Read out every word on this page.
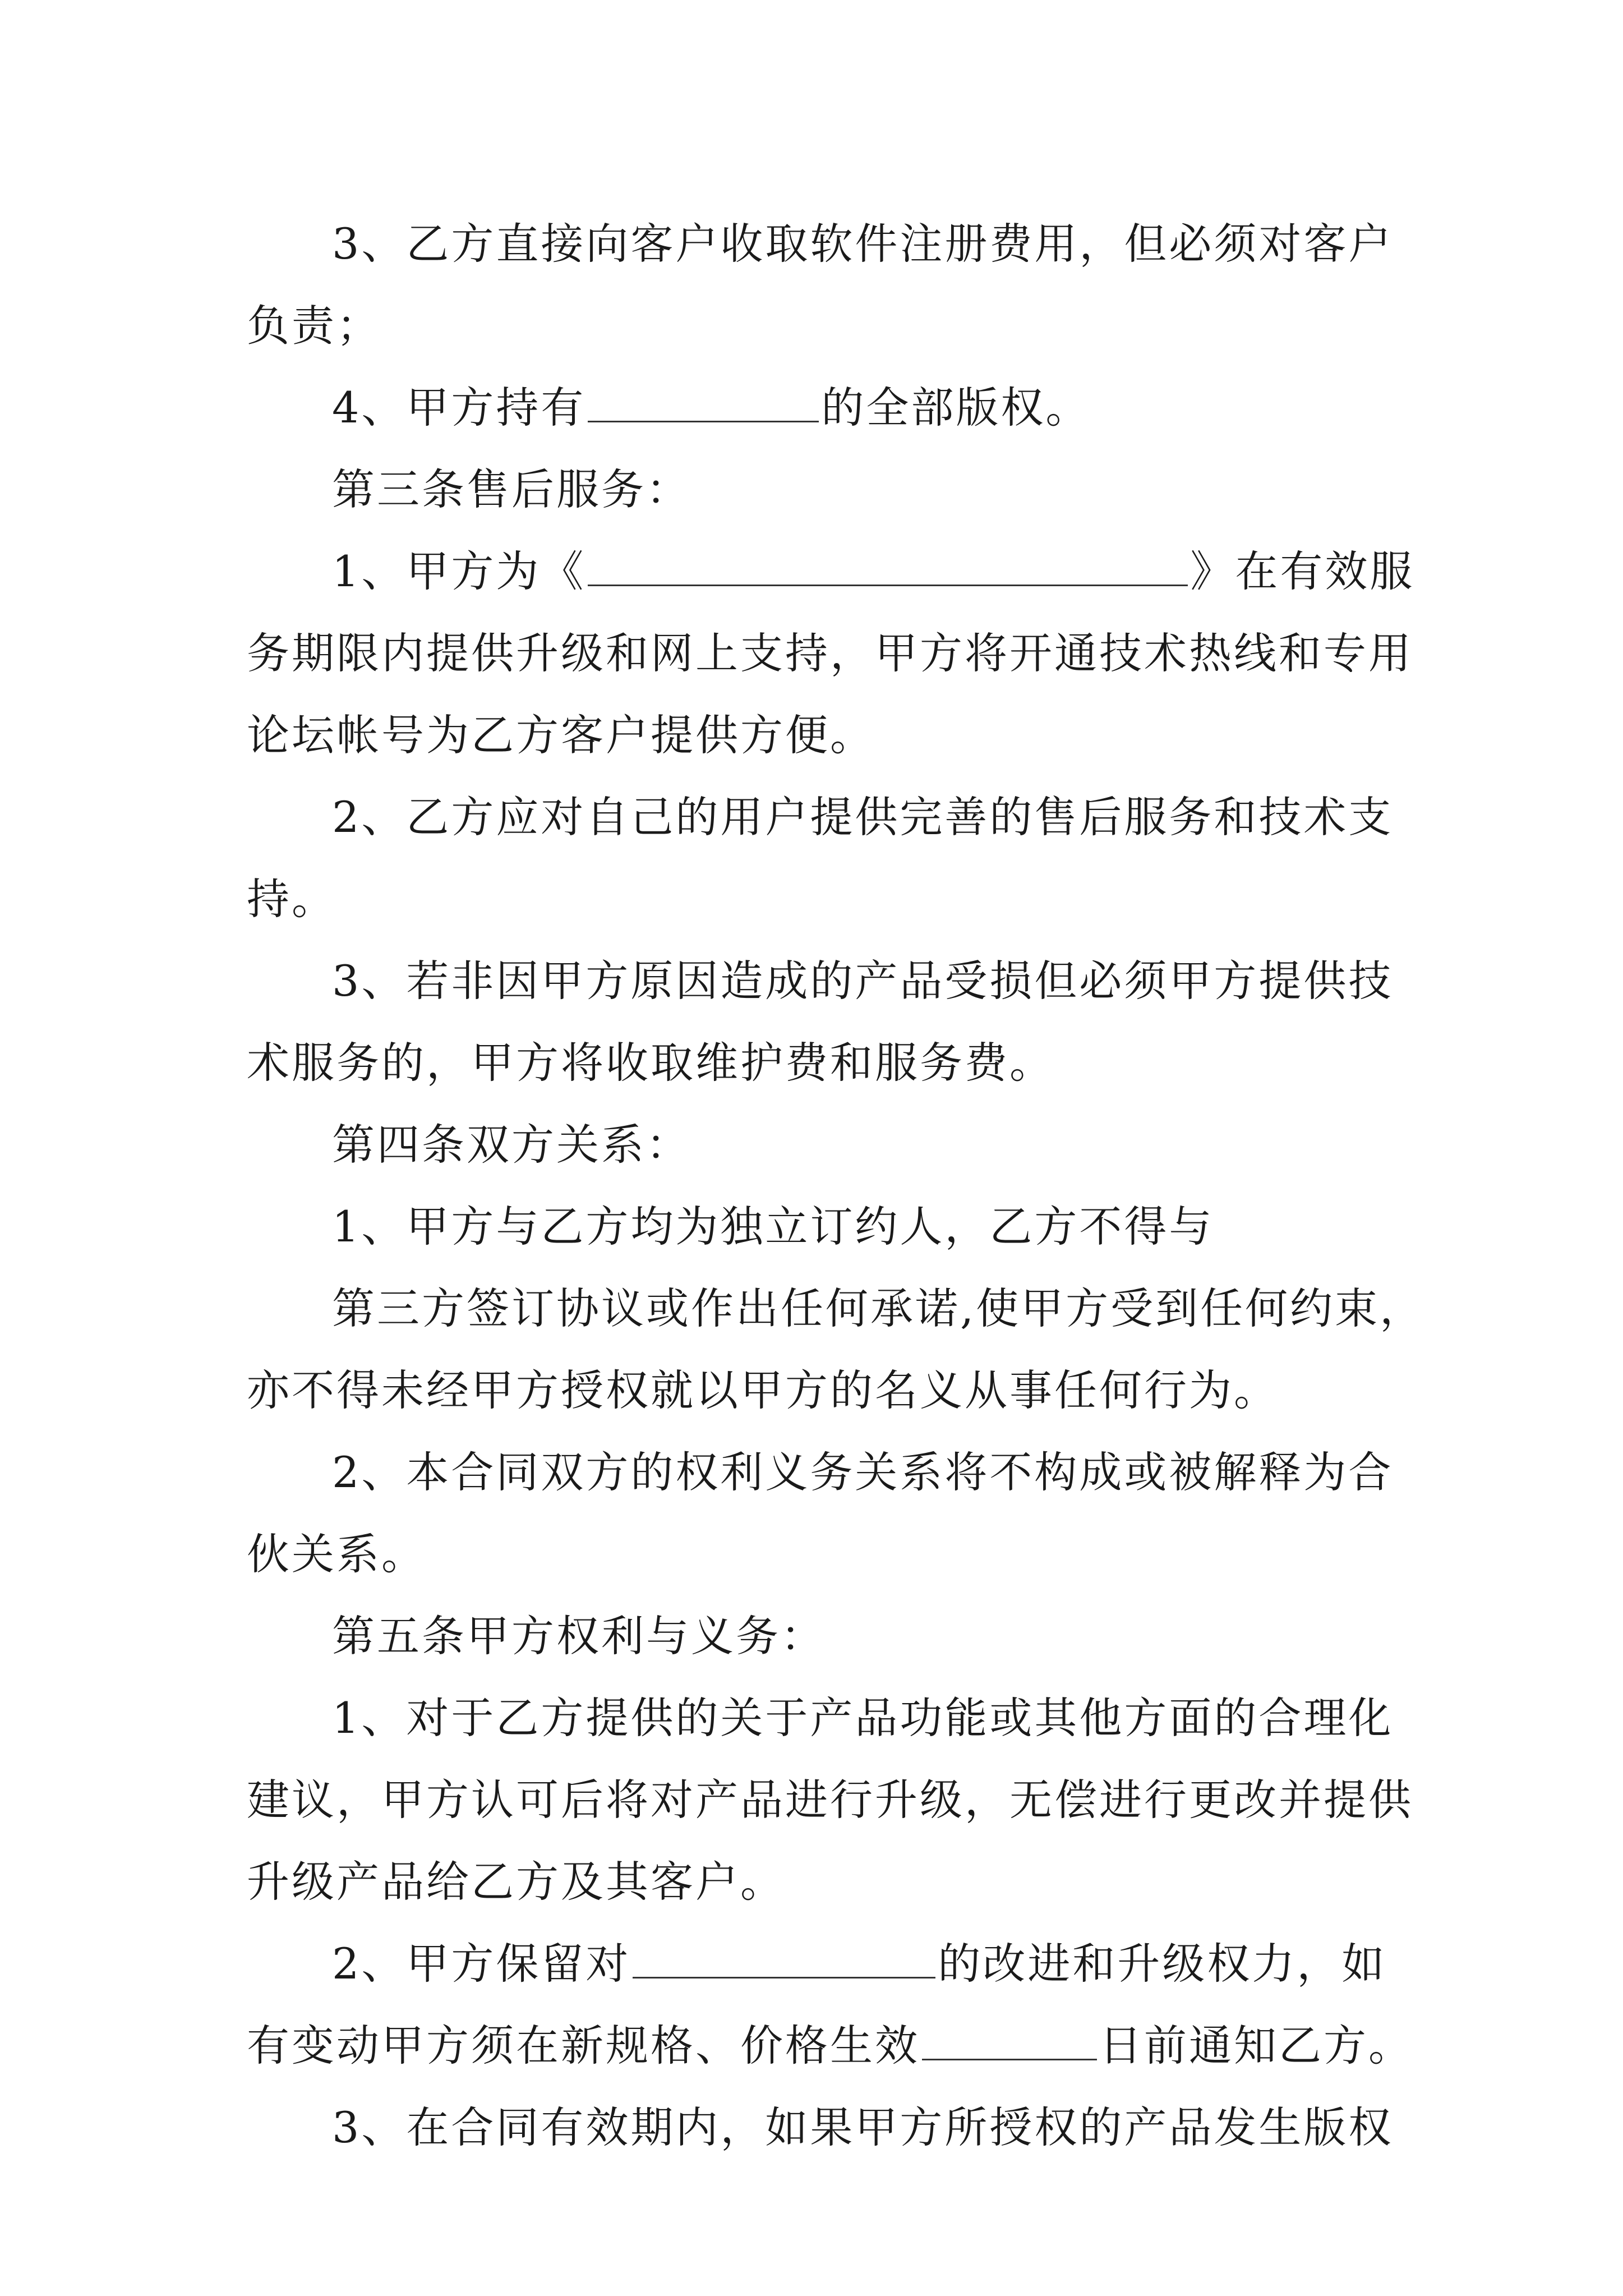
3、乙方直接向客户收取软件注册费用，但必须对客户
负责；
4、甲方持有	的全部版权。
第三条售后服务：
1、甲方为《	》在有效服
务期限内提供升级和网上支持，甲方将开通技术热线和专用
论坛帐号为乙方客户提供方便。
2、乙方应对自己的用户提供完善的售后服务和技术支
持。
3、若非因甲方原因造成的产品受损但必须甲方提供技
术服务的，甲方将收取维护费和服务费。
第四条双方关系：
1、甲方与乙方均为独立订约人，乙方不得与
第三方签订协议或作出任何承诺,使甲方受到任何约束，
亦不得未经甲方授权就以甲方的名义从事任何行为。
2、本合同双方的权利义务关系将不构成或被解释为合
伙关系。
第五条甲方权利与义务：
1、对于乙方提供的关于产品功能或其他方面的合理化
建议，甲方认可后将对产品进行升级，无偿进行更改并提供
升级产品给乙方及其客户。
2、甲方保留对	的改进和升级权力，如
有变动甲方须在新规格、价格生效	日前通知乙方。
3、在合同有效期内，如果甲方所授权的产品发生版权
